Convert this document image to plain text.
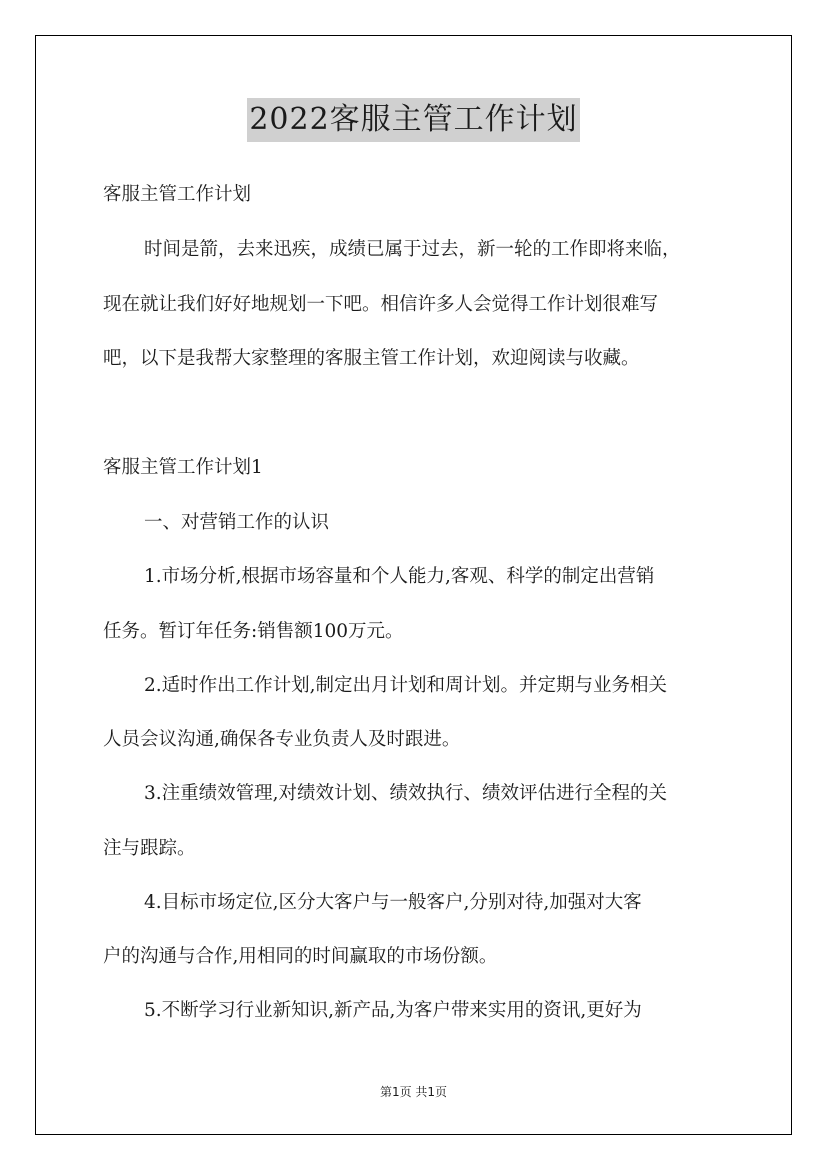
2022客服主管工作计划
客服主管工作计划
时间是箭，去来迅疾，成绩已属于过去，新一轮的工作即将来临，
现在就让我们好好地规划一下吧。相信许多人会觉得工作计划很难写
吧，以下是我帮大家整理的客服主管工作计划，欢迎阅读与收藏。
客服主管工作计划1
一、对营销工作的认识
1.市场分析,根据市场容量和个人能力,客观、科学的制定出营销
任务。暂订年任务:销售额100万元。
2.适时作出工作计划,制定出月计划和周计划。并定期与业务相关
人员会议沟通,确保各专业负责人及时跟进。
3.注重绩效管理,对绩效计划、绩效执行、绩效评估进行全程的关
注与跟踪。
4.目标市场定位,区分大客户与一般客户,分别对待,加强对大客
户的沟通与合作,用相同的时间赢取的市场份额。
5.不断学习行业新知识,新产品,为客户带来实用的资讯,更好为
第1页 共1页
